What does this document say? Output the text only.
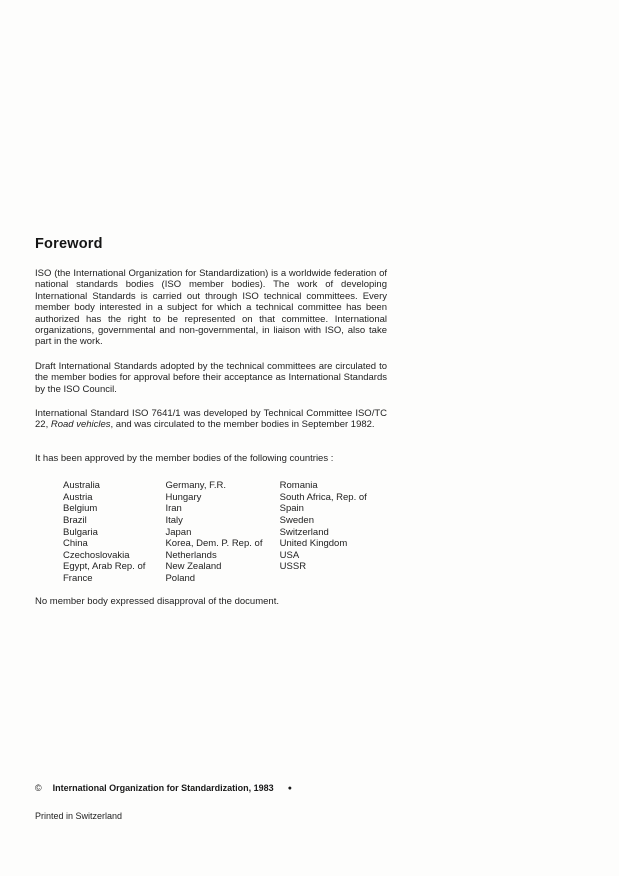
Foreword

ISO (the International Organization for Standardization) is a worldwide federation of national standards bodies (ISO member bodies). The work of developing International Standards is carried out through ISO technical committees. Every member body interested in a subject for which a technical committee has been authorized has the right to be represented on that committee. International organizations, governmental and non-governmental, in liaison with ISO, also take part in the work.

Draft International Standards adopted by the technical committees are circulated to the member bodies for approval before their acceptance as International Standards by the ISO Council.

International Standard ISO 7641/1 was developed by Technical Committee ISO/TC 22, Road vehicles, and was circulated to the member bodies in September 1982.

It has been approved by the member bodies of the following countries :

Australia
Austria
Belgium
Brazil
Bulgaria
China
Czechoslovakia
Egypt, Arab Rep. of
France
Germany, F.R.
Hungary
Iran
Italy
Japan
Korea, Dem. P. Rep. of
Netherlands
New Zealand
Poland
Romania
South Africa, Rep. of
Spain
Sweden
Switzerland
United Kingdom
USA
USSR

No member body expressed disapproval of the document.

© International Organization for Standardization, 1983 ●
Printed in Switzerland
